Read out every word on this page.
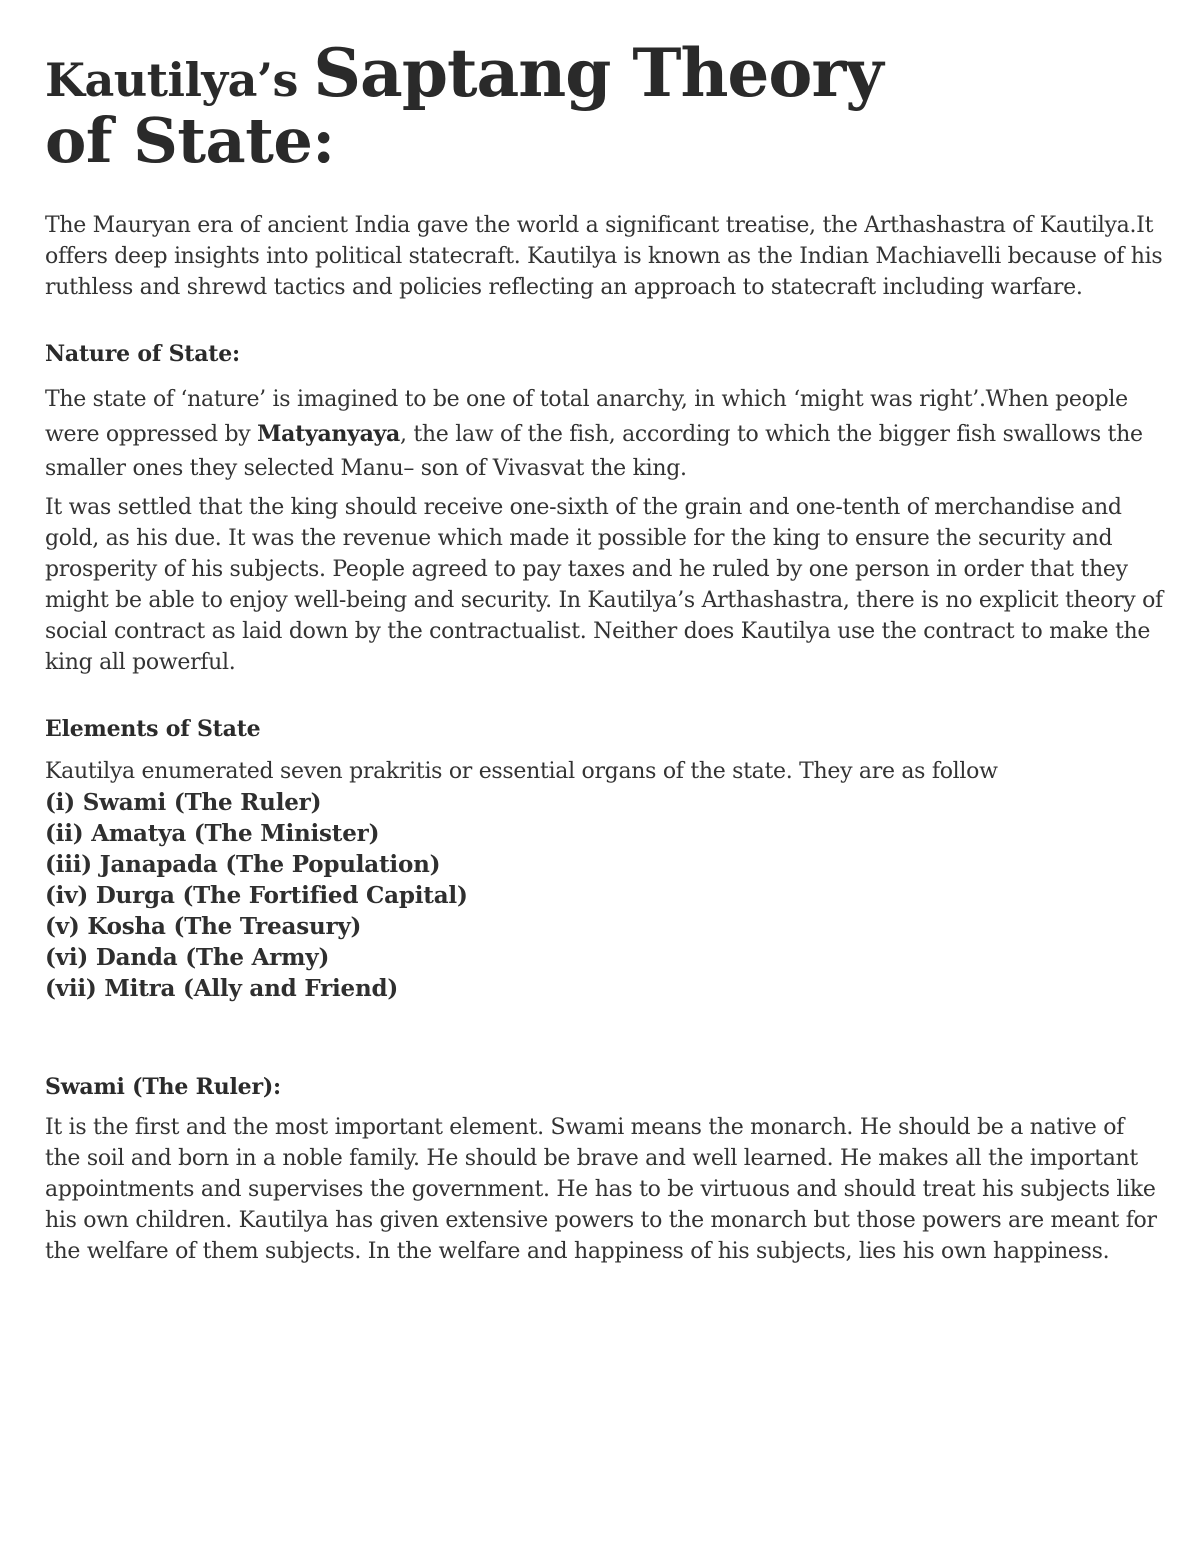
Kautilya’s Saptang Theory
of State:

The Mauryan era of ancient India gave the world a significant treatise, the Arthashastra of Kautilya.It offers deep insights into political statecraft. Kautilya is known as the Indian Machiavelli because of his ruthless and shrewd tactics and policies reflecting an approach to statecraft including warfare.

Nature of State:

The state of ‘nature’ is imagined to be one of total anarchy, in which ‘might was right’.When people were oppressed by Matyanyaya, the law of the fish, according to which the bigger fish swallows the smaller ones they selected Manu– son of Vivasvat the king.

It was settled that the king should receive one-sixth of the grain and one-tenth of merchandise and gold, as his due. It was the revenue which made it possible for the king to ensure the security and prosperity of his subjects. People agreed to pay taxes and he ruled by one person in order that they might be able to enjoy well-being and security. In Kautilya’s Arthashastra, there is no explicit theory of social contract as laid down by the contractualist. Neither does Kautilya use the contract to make the king all powerful.

Elements of State

Kautilya enumerated seven prakritis or essential organs of the state. They are as follow

(i) Swami (The Ruler)
(ii) Amatya (The Minister)
(iii) Janapada (The Population)
(iv) Durga (The Fortified Capital)
(v) Kosha (The Treasury)
(vi) Danda (The Army)
(vii) Mitra (Ally and Friend)
Swami (The Ruler):

It is the first and the most important element. Swami means the monarch. He should be a native of the soil and born in a noble family. He should be brave and well learned. He makes all the important appointments and supervises the government. He has to be virtuous and should treat his subjects like his own children. Kautilya has given extensive powers to the monarch but those powers are meant for the welfare of them subjects. In the welfare and happiness of his subjects, lies his own happiness.
